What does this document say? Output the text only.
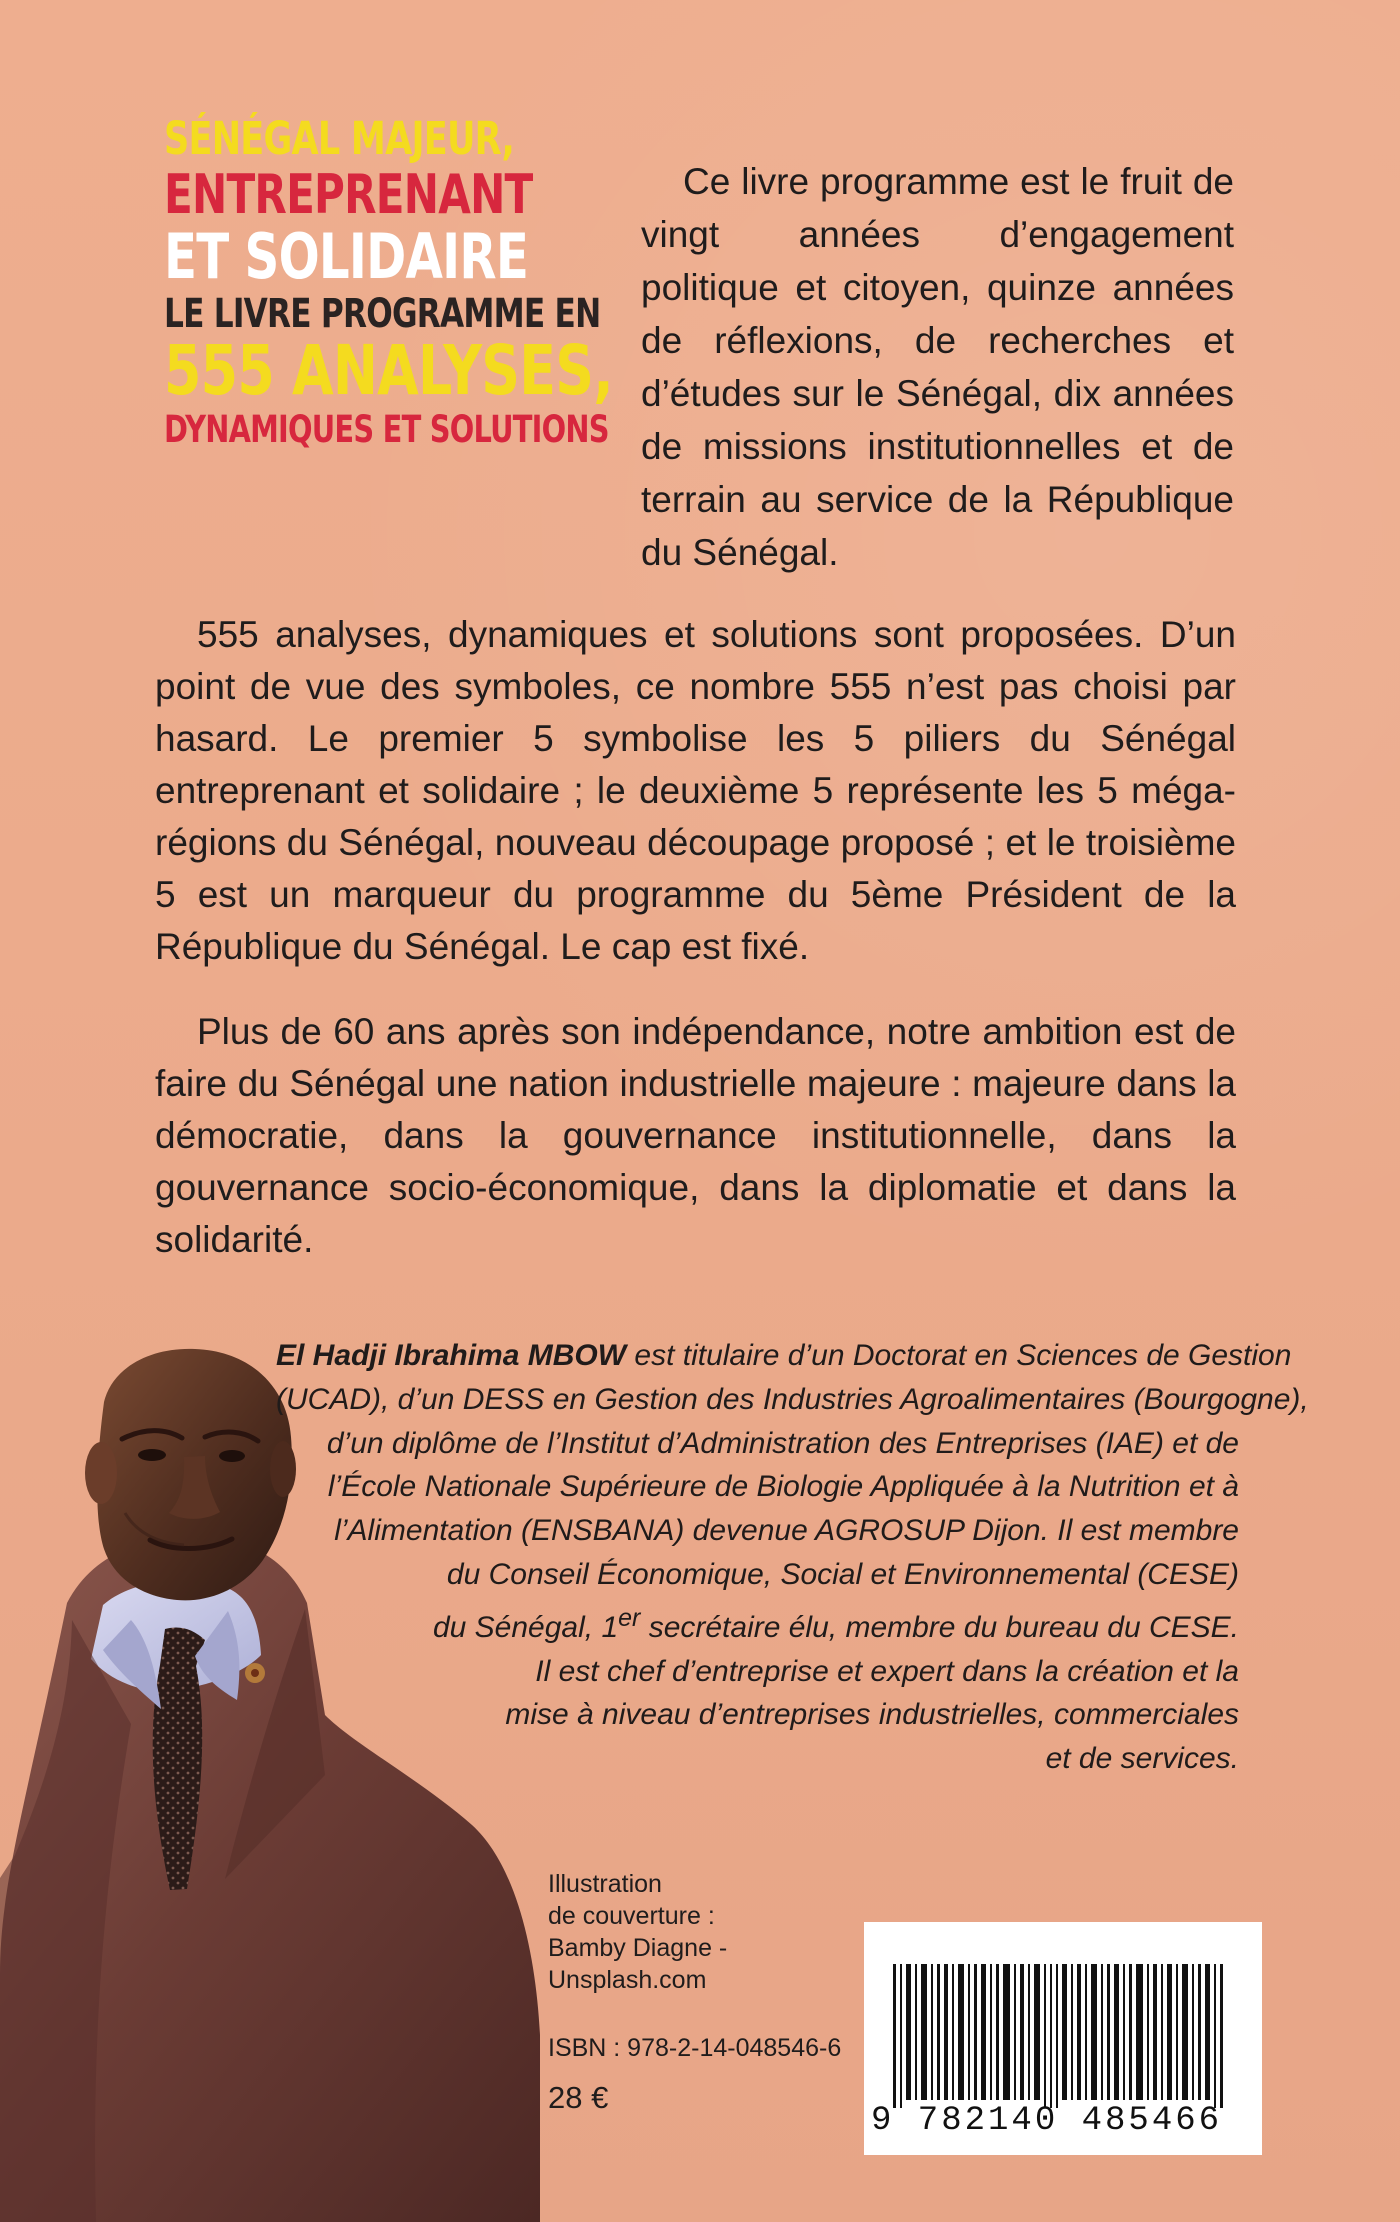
SÉNÉGAL MAJEUR,
ENTREPRENANT
ET SOLIDAIRE
LE LIVRE PROGRAMME EN
555 ANALYSES,
DYNAMIQUES ET SOLUTIONS

Ce livre programme est le fruit de vingt années d’engagement politique et citoyen, quinze années de réflexions, de recherches et d’études sur le Sénégal, dix années de missions institutionnelles et de terrain au service de la République du Sénégal.

555 analyses, dynamiques et solutions sont proposées. D’un point de vue des symboles, ce nombre 555 n’est pas choisi par hasard. Le premier 5 symbolise les 5 piliers du Sénégal entreprenant et solidaire ; le deuxième 5 représente les 5 méga-régions du Sénégal, nouveau découpage proposé ; et le troisième 5 est un marqueur du programme du 5ème Président de la République du Sénégal. Le cap est fixé.

Plus de 60 ans après son indépendance, notre ambition est de faire du Sénégal une nation industrielle majeure : majeure dans la démocratie, dans la gouvernance institutionnelle, dans la gouvernance socio-économique, dans la diplomatie et dans la solidarité.

El Hadji Ibrahima MBOW est titulaire d’un Doctorat en Sciences de Gestion
(UCAD), d’un DESS en Gestion des Industries Agroalimentaires (Bourgogne),
d’un diplôme de l’Institut d’Administration des Entreprises (IAE) et de
l’École Nationale Supérieure de Biologie Appliquée à la Nutrition et à
l’Alimentation (ENSBANA) devenue AGROSUP Dijon. Il est membre
du Conseil Économique, Social et Environnemental (CESE)
du Sénégal, 1er secrétaire élu, membre du bureau du CESE.
Il est chef d’entreprise et expert dans la création et la
mise à niveau d’entreprises industrielles, commerciales
et de services.
Illustration
de couverture :
Bamby Diagne -
Unsplash.com
ISBN : 978-2-14-048546-6
28 €
9 782140 485466
